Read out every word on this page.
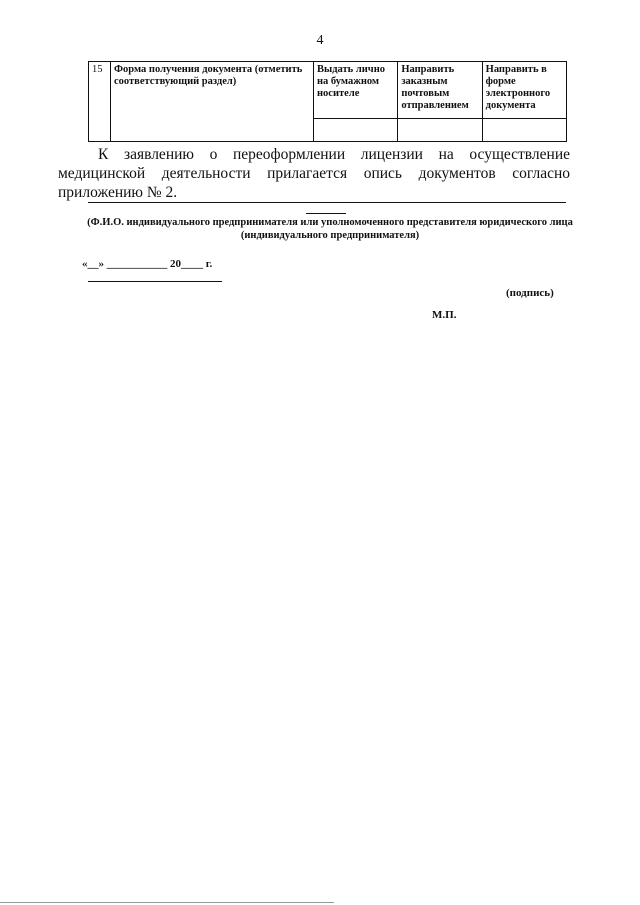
4
15	Форма получения документа (отметить соответствующий раздел)	Выдать лично на бумажном носителе	Направить заказным почтовым отправлением	Направить в форме электронного документа

К заявлению о переоформлении лицензии на осуществление медицинской деятельности прилагается опись документов согласно приложению № 2.

(Ф.И.О. индивидуального предпринимателя или уполномоченного представителя юридического лица
(индивидуального предпринимателя)
«__» ___________ 20____ г.
(подпись)
М.П.
